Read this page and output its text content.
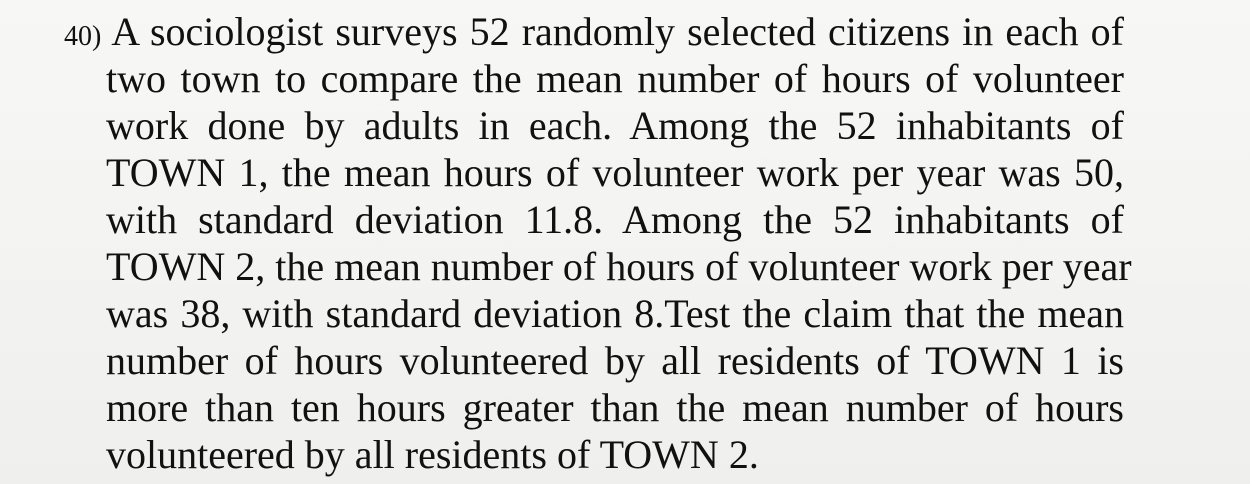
40) A sociologist surveys 52 randomly selected citizens in each of
two town to compare the mean number of hours of volunteer
work done by adults in each. Among the 52 inhabitants of
TOWN 1, the mean hours of volunteer work per year was 50,
with standard deviation 11.8. Among the 52 inhabitants of
TOWN 2, the mean number of hours of volunteer work per year
was 38, with standard deviation 8.Test the claim that the mean
number of hours volunteered by all residents of TOWN 1 is
more than ten hours greater than the mean number of hours
volunteered by all residents of TOWN 2.
